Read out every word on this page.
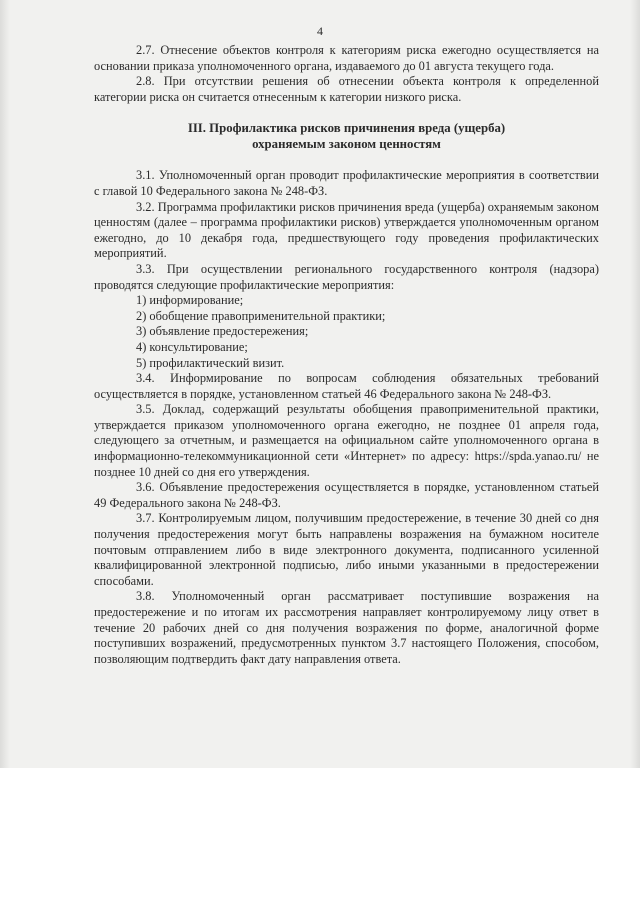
4

2.7. Отнесение объектов контроля к категориям риска ежегодно осуществляется на основании приказа уполномоченного органа, издаваемого до 01 августа текущего года.

2.8. При отсутствии решения об отнесении объекта контроля к определенной категории риска он считается отнесенным к категории низкого риска.

III. Профилактика рисков причинения вреда (ущерба)
охраняемым законом ценностям

3.1. Уполномоченный орган проводит профилактические мероприятия в соответствии с главой 10 Федерального закона № 248-ФЗ.

3.2. Программа профилактики рисков причинения вреда (ущерба) охраняемым законом ценностям (далее – программа профилактики рисков) утверждается уполномоченным органом ежегодно, до 10 декабря года, предшествующего году проведения профилактических мероприятий.

3.3. При осуществлении регионального государственного контроля (надзора) проводятся следующие профилактические мероприятия:

1) информирование;
2) обобщение правоприменительной практики;
3) объявление предостережения;
4) консультирование;
5) профилактический визит.

3.4. Информирование по вопросам соблюдения обязательных требований осуществляется в порядке, установленном статьей 46 Федерального закона № 248-ФЗ.

3.5. Доклад, содержащий результаты обобщения правоприменительной практики, утверждается приказом уполномоченного органа ежегодно, не позднее 01 апреля года, следующего за отчетным, и размещается на официальном сайте уполномоченного органа в информационно-телекоммуникационной сети «Интернет» по адресу: https://spda.yanao.ru/ не позднее 10 дней со дня его утверждения.

3.6. Объявление предостережения осуществляется в порядке, установленном статьей 49 Федерального закона № 248-ФЗ.

3.7. Контролируемым лицом, получившим предостережение, в течение 30 дней со дня получения предостережения могут быть направлены возражения на бумажном носителе почтовым отправлением либо в виде электронного документа, подписанного усиленной квалифицированной электронной подписью, либо иными указанными в предостережении способами.

3.8. Уполномоченный орган рассматривает поступившие возражения на предостережение и по итогам их рассмотрения направляет контролируемому лицу ответ в течение 20 рабочих дней со дня получения возражения по форме, аналогичной форме поступивших возражений, предусмотренных пунктом 3.7 настоящего Положения, способом, позволяющим подтвердить факт дату направления ответа.
